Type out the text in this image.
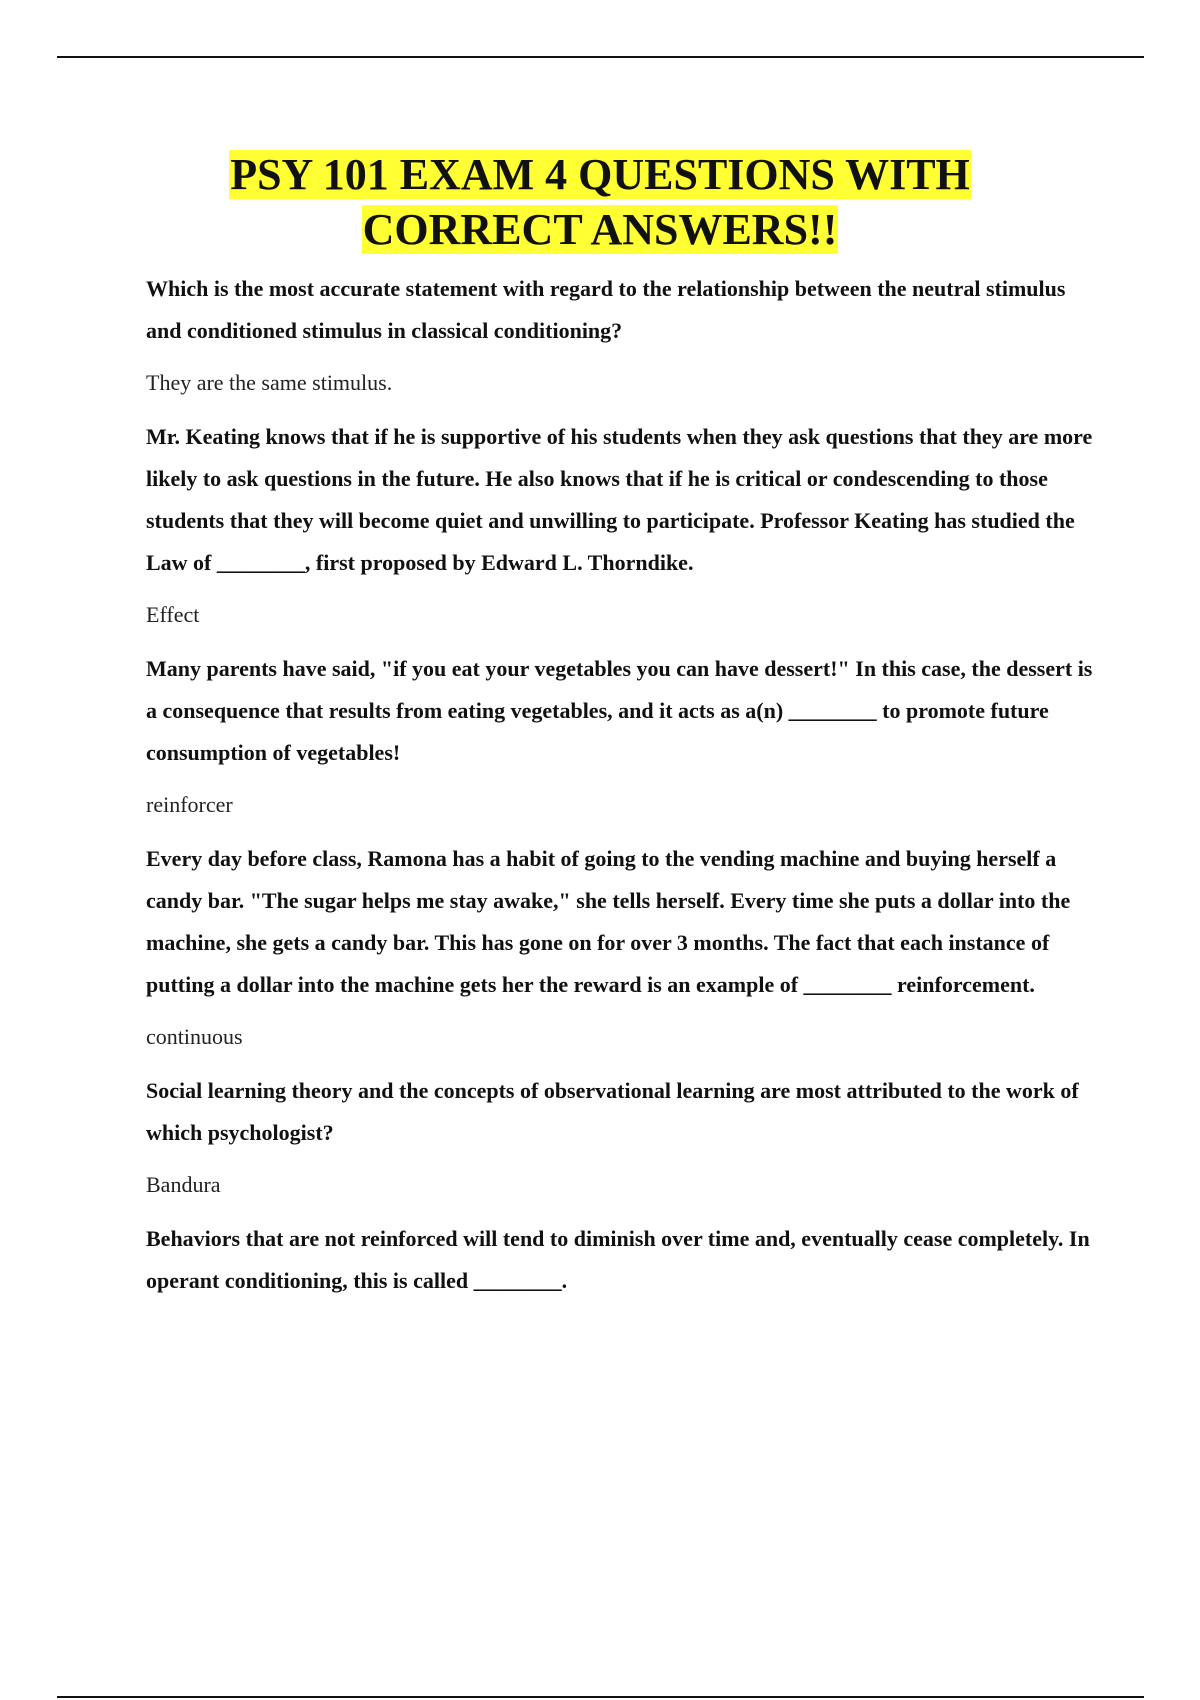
PSY 101 EXAM 4 QUESTIONS WITH
CORRECT ANSWERS!!

Which is the most accurate statement with regard to the relationship between the neutral stimulus and conditioned stimulus in classical conditioning?

They are the same stimulus.

Mr. Keating knows that if he is supportive of his students when they ask questions that they are more likely to ask questions in the future. He also knows that if he is critical or condescending to those students that they will become quiet and unwilling to participate. Professor Keating has studied the Law of ________, first proposed by Edward L. Thorndike.

Effect

Many parents have said, "if you eat your vegetables you can have dessert!" In this case, the dessert is a consequence that results from eating vegetables, and it acts as a(n) ________ to promote future consumption of vegetables!

reinforcer

Every day before class, Ramona has a habit of going to the vending machine and buying herself a candy bar. "The sugar helps me stay awake," she tells herself. Every time she puts a dollar into the machine, she gets a candy bar. This has gone on for over 3 months. The fact that each instance of putting a dollar into the machine gets her the reward is an example of ________ reinforcement.

continuous

Social learning theory and the concepts of observational learning are most attributed to the work of which psychologist?

Bandura

Behaviors that are not reinforced will tend to diminish over time and, eventually cease completely. In operant conditioning, this is called ________.
